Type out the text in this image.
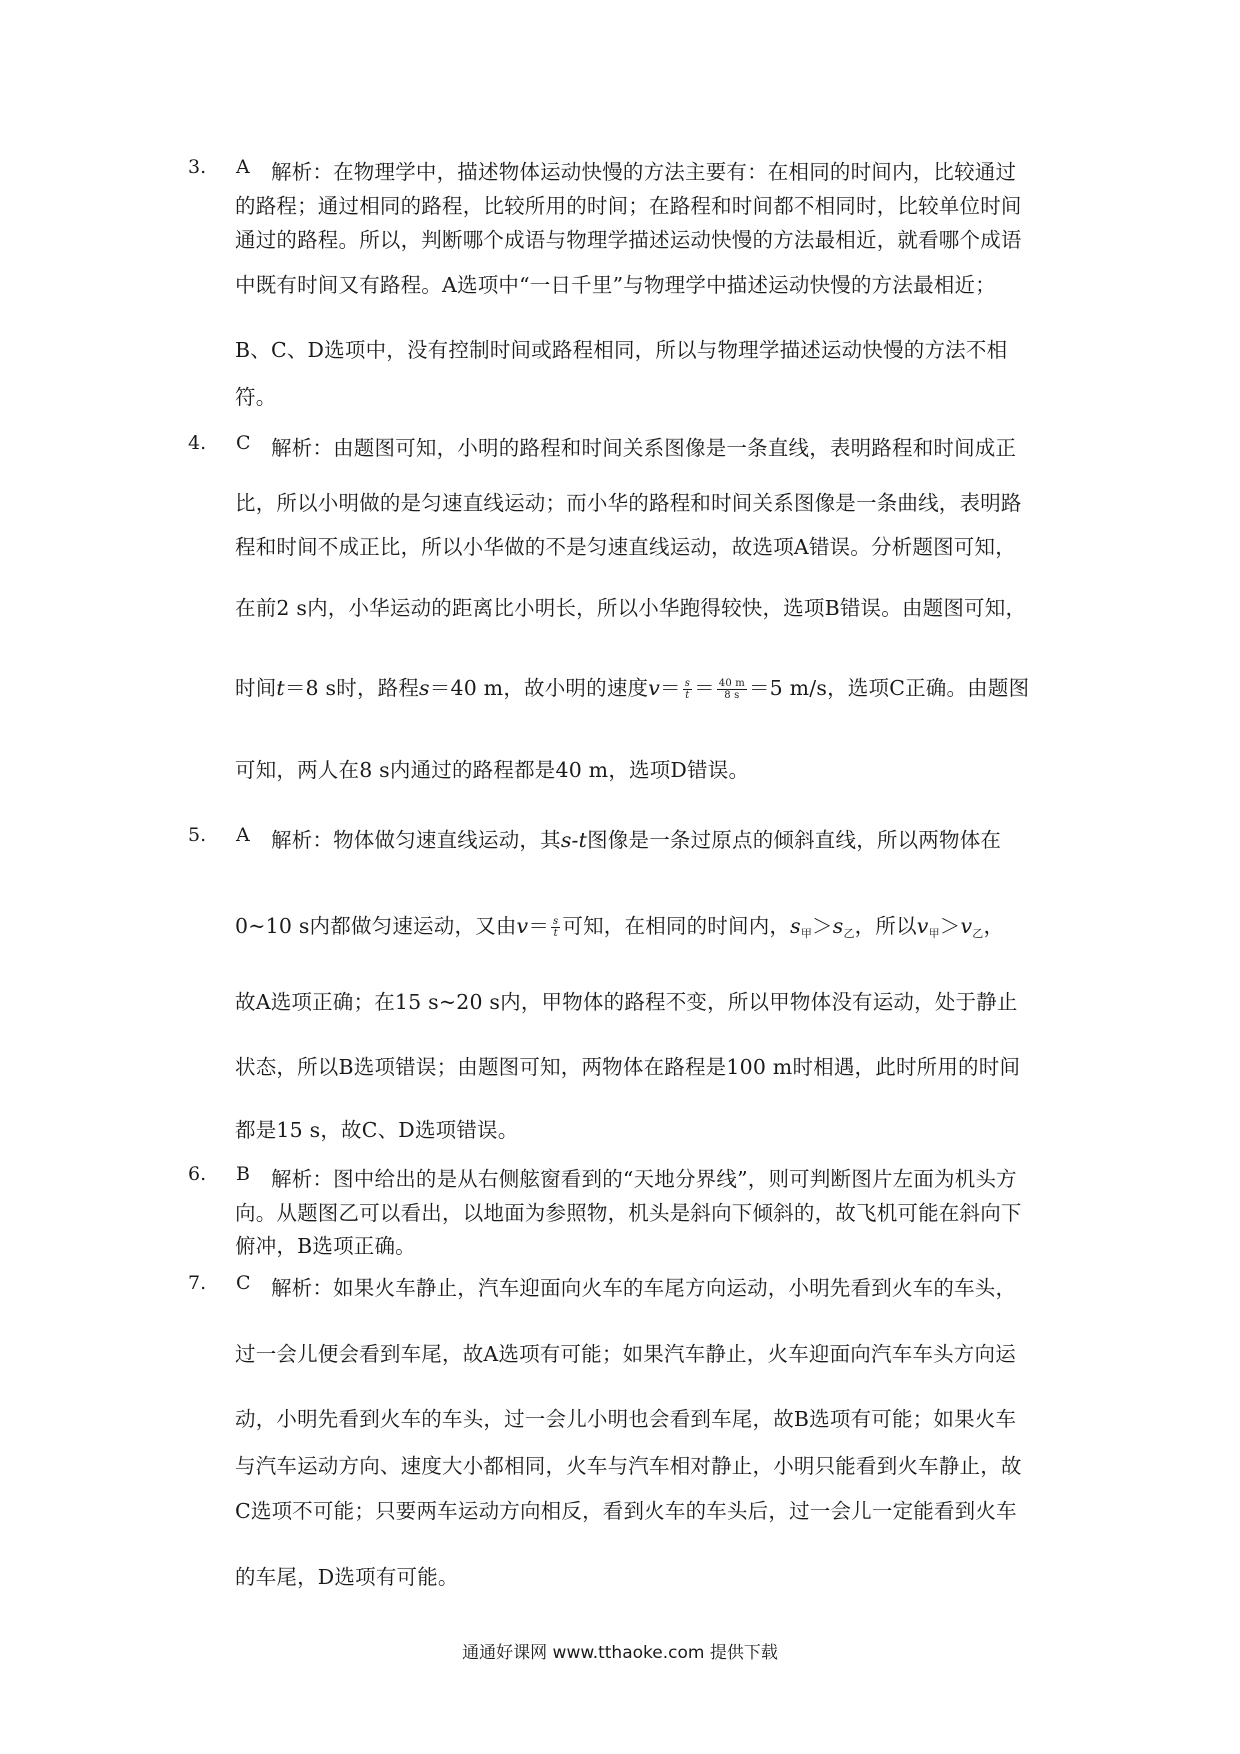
3. A 解析：在物理学中，描述物体运动快慢的方法主要有：在相同的时间内，比较通过
的路程；通过相同的路程，比较所用的时间；在路程和时间都不相同时，比较单位时间
通过的路程。所以，判断哪个成语与物理学描述运动快慢的方法最相近，就看哪个成语
中既有时间又有路程。A选项中“一日千里”与物理学中描述运动快慢的方法最相近；
B、C、D选项中，没有控制时间或路程相同，所以与物理学描述运动快慢的方法不相
符。
4. C 解析：由题图可知，小明的路程和时间关系图像是一条直线，表明路程和时间成正
比，所以小明做的是匀速直线运动；而小华的路程和时间关系图像是一条曲线，表明路
程和时间不成正比，所以小华做的不是匀速直线运动，故选项A错误。分析题图可知，
在前2 s内，小华运动的距离比小明长，所以小华跑得较快，选项B错误。由题图可知，
时间t＝8 s时，路程s＝40 m，故小明的速度$v= \frac{s}{t} = \frac{40 m}{8 s} =5$ m/s，选项C正确。由题图
可知，两人在8 s内通过的路程都是40 m，选项D错误。
5. A 解析：物体做匀速直线运动，其s-t图像是一条过原点的倾斜直线，所以两物体在
0~10 s内都做匀速运动，又由$v= \frac{s}{t}$ 可知，在相同的时间内，$s_甲>s_乙$，所以$v_甲>v_乙$，
故A选项正确；在15 s~20 s内，甲物体的路程不变，所以甲物体没有运动，处于静止
状态，所以B选项错误；由题图可知，两物体在路程是100 m时相遇，此时所用的时间
都是15 s，故C、D选项错误。
6. B 解析：图中给出的是从右侧舷窗看到的“天地分界线”，则可判断图片左面为机头方
向。从题图乙可以看出，以地面为参照物，机头是斜向下倾斜的，故飞机可能在斜向下
俯冲，B选项正确。
7. C 解析：如果火车静止，汽车迎面向火车的车尾方向运动，小明先看到火车的车头，
过一会儿便会看到车尾，故A选项有可能；如果汽车静止，火车迎面向汽车车头方向运
动，小明先看到火车的车头，过一会儿小明也会看到车尾，故B选项有可能；如果火车
与汽车运动方向、速度大小都相同，火车与汽车相对静止，小明只能看到火车静止，故
C选项不可能；只要两车运动方向相反，看到火车的车头后，过一会儿一定能看到火车
的车尾，D选项有可能。
通通好课网 www.tthaoke.com 提供下载
